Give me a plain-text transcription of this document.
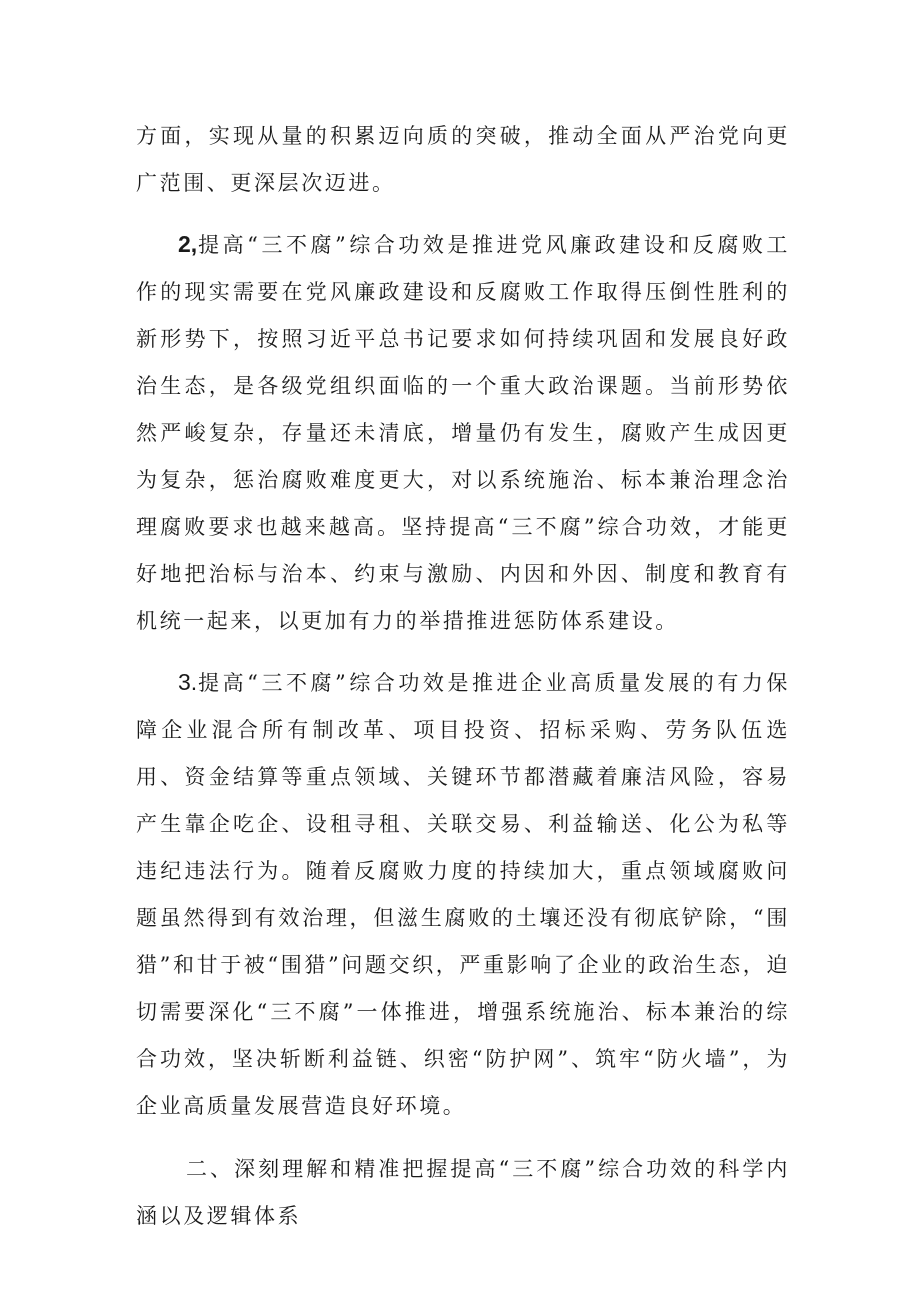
方面，实现从量的积累迈向质的突破，推动全面从严治党向更广范围、更深层次迈进。

2,提高“三不腐”综合功效是推进党风廉政建设和反腐败工作的现实需要在党风廉政建设和反腐败工作取得压倒性胜利的新形势下，按照习近平总书记要求如何持续巩固和发展良好政治生态，是各级党组织面临的一个重大政治课题。当前形势依然严峻复杂，存量还未清底，增量仍有发生，腐败产生成因更为复杂，惩治腐败难度更大，对以系统施治、标本兼治理念治理腐败要求也越来越高。坚持提高“三不腐”综合功效，才能更好地把治标与治本、约束与激励、内因和外因、制度和教育有机统一起来，以更加有力的举措推进惩防体系建设。

3.提高“三不腐”综合功效是推进企业高质量发展的有力保障企业混合所有制改革、项目投资、招标采购、劳务队伍选用、资金结算等重点领域、关键环节都潜藏着廉洁风险，容易产生靠企吃企、设租寻租、关联交易、利益输送、化公为私等违纪违法行为。随着反腐败力度的持续加大，重点领域腐败问题虽然得到有效治理，但滋生腐败的土壤还没有彻底铲除，“围猎”和甘于被“围猎”问题交织，严重影响了企业的政治生态，迫切需要深化“三不腐”一体推进，增强系统施治、标本兼治的综合功效，坚决斩断利益链、织密“防护网”、筑牢“防火墙”，为企业高质量发展营造良好环境。

二、深刻理解和精准把握提高“三不腐”综合功效的科学内涵以及逻辑体系
